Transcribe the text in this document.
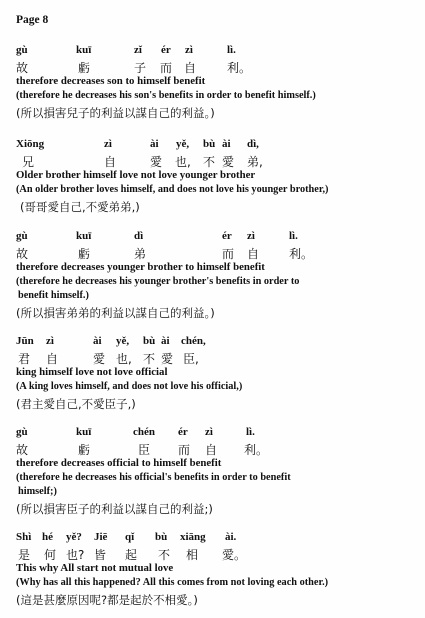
Page 8
gù	kuī	zǐ ér zì	lì.
故	虧	子 而 自	利。
therefore decreases son to himself benefit
(therefore he decreases his son's benefits in order to benefit himself.)
(所以損害兒子的利益以謀自己的利益。)
Xiōng	zì	ài yě, bù ài dì,
兄	自	愛 也, 不 愛 弟,
Older brother himself love not love younger brother
(An older brother loves himself, and does not love his younger brother,)
(哥哥愛自己,不愛弟弟,)
gù	kuī	dì	ér zì	lì.
故	虧	弟	而 自 利。
therefore decreases younger brother to himself benefit
(therefore he decreases his younger brother's benefits in order to
benefit himself.)
(所以損害弟弟的利益以謀自己的利益。)
Jūn zì	ài yě, bù ài chén,
君 自	愛 也, 不 愛 臣,
king himself love not love official
(A king loves himself, and does not love his official,)
(君主愛自己,不愛臣子,)
gù	kuī	chén ér zì	lì.
故	虧	臣 而 自 利。
therefore decreases official to himself benefit
(therefore he decreases his official's benefits in order to benefit
himself;)
(所以損害臣子的利益以謀自己的利益;)
Shì hé yě? Jiē qǐ bù xiāng ài.
是 何 也? 皆 起 不 相 愛。
This why All start not mutual love
(Why has all this happened? All this comes from not loving each other.)
(這是甚麼原因呢?都是起於不相愛。)
